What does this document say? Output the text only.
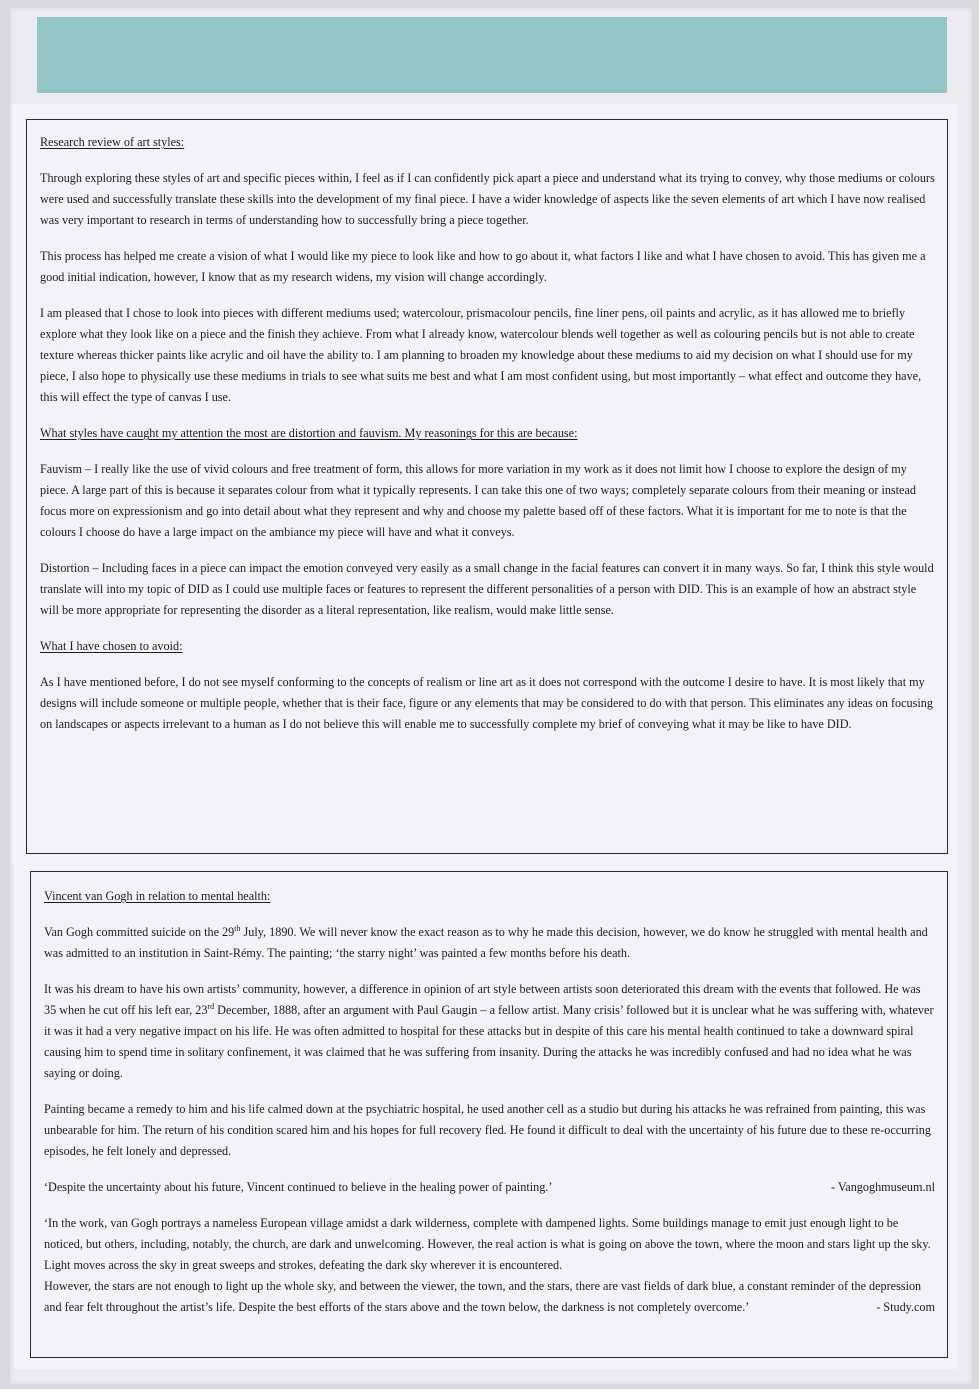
Research review of art styles:

Through exploring these styles of art and specific pieces within, I feel as if I can confidently pick apart a piece and understand what its trying to convey, why those mediums or colours were used and successfully translate these skills into the development of my final piece. I have a wider knowledge of aspects like the seven elements of art which I have now realised was very important to research in terms of understanding how to successfully bring a piece together.

This process has helped me create a vision of what I would like my piece to look like and how to go about it, what factors I like and what I have chosen to avoid. This has given me a good initial indication, however, I know that as my research widens, my vision will change accordingly.

I am pleased that I chose to look into pieces with different mediums used; watercolour, prismacolour pencils, fine liner pens, oil paints and acrylic, as it has allowed me to briefly explore what they look like on a piece and the finish they achieve. From what I already know, watercolour blends well together as well as colouring pencils but is not able to create texture whereas thicker paints like acrylic and oil have the ability to. I am planning to broaden my knowledge about these mediums to aid my decision on what I should use for my piece, I also hope to physically use these mediums in trials to see what suits me best and what I am most confident using, but most importantly – what effect and outcome they have, this will effect the type of canvas I use.

What styles have caught my attention the most are distortion and fauvism. My reasonings for this are because:

Fauvism – I really like the use of vivid colours and free treatment of form, this allows for more variation in my work as it does not limit how I choose to explore the design of my piece. A large part of this is because it separates colour from what it typically represents. I can take this one of two ways; completely separate colours from their meaning or instead focus more on expressionism and go into detail about what they represent and why and choose my palette based off of these factors. What it is important for me to note is that the colours I choose do have a large impact on the ambiance my piece will have and what it conveys.

Distortion – Including faces in a piece can impact the emotion conveyed very easily as a small change in the facial features can convert it in many ways. So far, I think this style would translate will into my topic of DID as I could use multiple faces or features to represent the different personalities of a person with DID. This is an example of how an abstract style will be more appropriate for representing the disorder as a literal representation, like realism, would make little sense.

What I have chosen to avoid:

As I have mentioned before, I do not see myself conforming to the concepts of realism or line art as it does not correspond with the outcome I desire to have. It is most likely that my designs will include someone or multiple people, whether that is their face, figure or any elements that may be considered to do with that person. This eliminates any ideas on focusing on landscapes or aspects irrelevant to a human as I do not believe this will enable me to successfully complete my brief of conveying what it may be like to have DID.

Vincent van Gogh in relation to mental health:

Van Gogh committed suicide on the 29th July, 1890. We will never know the exact reason as to why he made this decision, however, we do know he struggled with mental health and was admitted to an institution in Saint-Rémy. The painting; ‘the starry night’ was painted a few months before his death.

It was his dream to have his own artists’ community, however, a difference in opinion of art style between artists soon deteriorated this dream with the events that followed. He was 35 when he cut off his left ear, 23rd December, 1888, after an argument with Paul Gaugin – a fellow artist. Many crisis’ followed but it is unclear what he was suffering with, whatever it was it had a very negative impact on his life. He was often admitted to hospital for these attacks but in despite of this care his mental health continued to take a downward spiral causing him to spend time in solitary confinement, it was claimed that he was suffering from insanity. During the attacks he was incredibly confused and had no idea what he was saying or doing.

Painting became a remedy to him and his life calmed down at the psychiatric hospital, he used another cell as a studio but during his attacks he was refrained from painting, this was unbearable for him. The return of his condition scared him and his hopes for full recovery fled. He found it difficult to deal with the uncertainty of his future due to these re-occurring episodes, he felt lonely and depressed.

‘Despite the uncertainty about his future, Vincent continued to believe in the healing power of painting.’	- Vangoghmuseum.nl

‘In the work, van Gogh portrays a nameless European village amidst a dark wilderness, complete with dampened lights. Some buildings manage to emit just enough light to be noticed, but others, including, notably, the church, are dark and unwelcoming. However, the real action is what is going on above the town, where the moon and stars light up the sky. Light moves across the sky in great sweeps and strokes, defeating the dark sky wherever it is encountered.
However, the stars are not enough to light up the whole sky, and between the viewer, the town, and the stars, there are vast fields of dark blue, a constant reminder of the depression and fear felt throughout the artist’s life. Despite the best efforts of the stars above and the town below, the darkness is not completely overcome.’	- Study.com
